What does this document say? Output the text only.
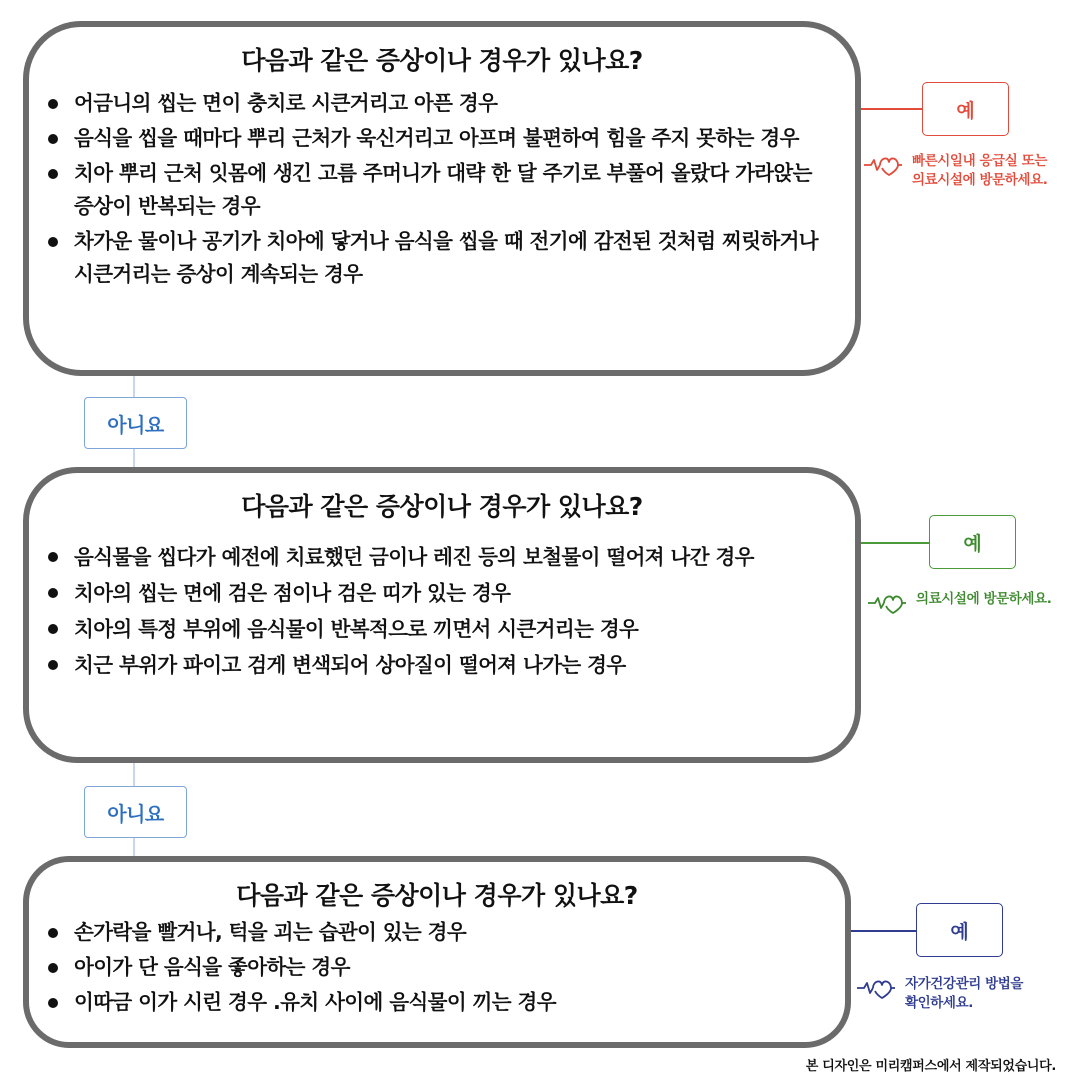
다음과 같은 증상이나 경우가 있나요?
어금니의 씹는 면이 충치로 시큰거리고 아픈 경우
음식을 씹을 때마다 뿌리 근처가 욱신거리고 아프며 불편하여 힘을 주지 못하는 경우
치아 뿌리 근처 잇몸에 생긴 고름 주머니가 대략 한 달 주기로 부풀어 올랐다 가라앉는 증상이 반복되는 경우
차가운 물이나 공기가 치아에 닿거나 음식을 씹을 때 전기에 감전된 것처럼 찌릿하거나 시큰거리는 증상이 계속되는 경우
예
빠른시일내 응급실 또는
의료시설에 방문하세요.
아니요
다음과 같은 증상이나 경우가 있나요?
음식물을 씹다가 예전에 치료했던 금이나 레진 등의 보철물이 떨어져 나간 경우
치아의 씹는 면에 검은 점이나 검은 띠가 있는 경우
치아의 특정 부위에 음식물이 반복적으로 끼면서 시큰거리는 경우
치근 부위가 파이고 검게 변색되어 상아질이 떨어져 나가는 경우
예
의료시설에 방문하세요.
아니요
다음과 같은 증상이나 경우가 있나요?
손가락을 빨거나, 턱을 괴는 습관이 있는 경우
아이가 단 음식을 좋아하는 경우
이따금 이가 시린 경우 .유치 사이에 음식물이 끼는 경우
예
자가건강관리 방법을
확인하세요.
본 디자인은 미리캠퍼스에서 제작되었습니다.
